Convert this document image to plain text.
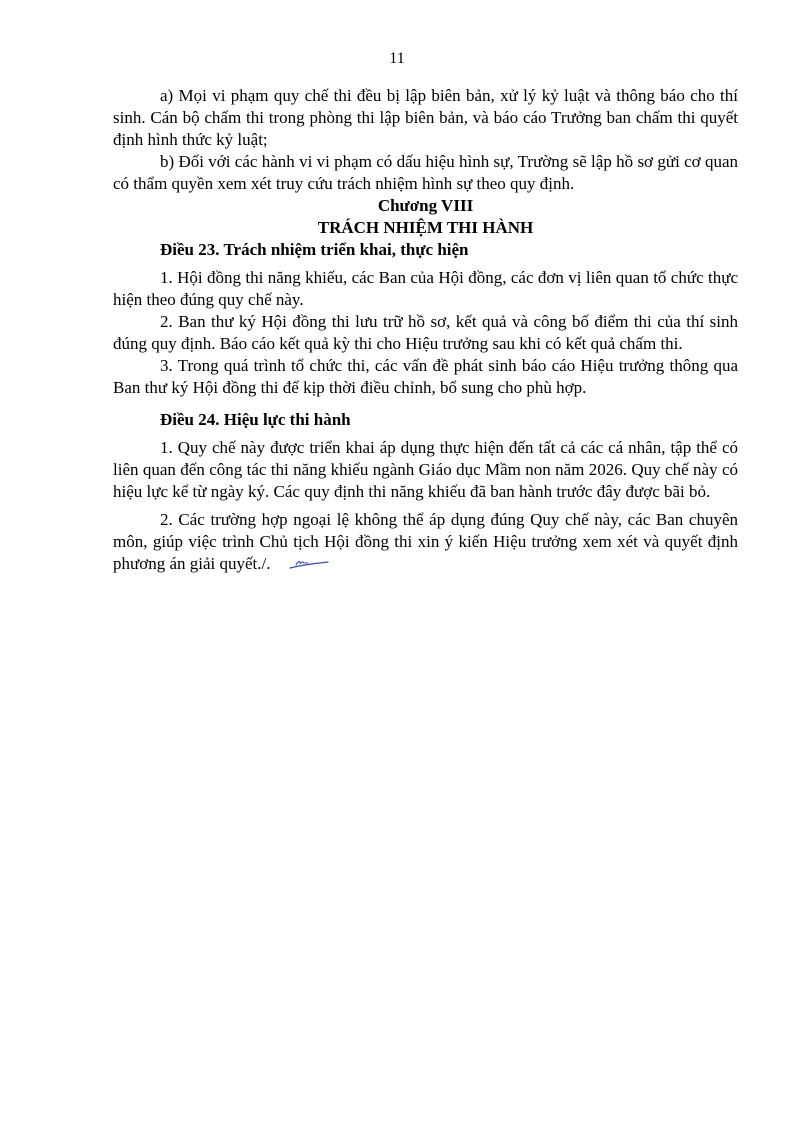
11

a) Mọi vi phạm quy chế thi đều bị lập biên bản, xử lý kỷ luật và thông báo cho thí sinh. Cán bộ chấm thi trong phòng thi lập biên bản, và báo cáo Trưởng ban chấm thi quyết định hình thức kỷ luật;

b) Đối với các hành vi vi phạm có dấu hiệu hình sự, Trường sẽ lập hồ sơ gửi cơ quan có thẩm quyền xem xét truy cứu trách nhiệm hình sự theo quy định.

Chương VIII

TRÁCH NHIỆM THI HÀNH

Điều 23. Trách nhiệm triển khai, thực hiện

1. Hội đồng thi năng khiếu, các Ban của Hội đồng, các đơn vị liên quan tổ chức thực hiện theo đúng quy chế này.

2. Ban thư ký Hội đồng thi lưu trữ hồ sơ, kết quả và công bố điểm thi của thí sinh đúng quy định. Báo cáo kết quả kỳ thi cho Hiệu trưởng sau khi có kết quả chấm thi.

3. Trong quá trình tổ chức thi, các vấn đề phát sinh báo cáo Hiệu trưởng thông qua Ban thư ký Hội đồng thi để kịp thời điều chỉnh, bổ sung cho phù hợp.

Điều 24. Hiệu lực thi hành

1. Quy chế này được triển khai áp dụng thực hiện đến tất cả các cá nhân, tập thể có liên quan đến công tác thi năng khiếu ngành Giáo dục Mầm non năm 2026. Quy chế này có hiệu lực kể từ ngày ký. Các quy định thi năng khiếu đã ban hành trước đây được bãi bỏ.

2. Các trường hợp ngoại lệ không thể áp dụng đúng Quy chế này, các Ban chuyên môn, giúp việc trình Chủ tịch Hội đồng thi xin ý kiến Hiệu trưởng xem xét và quyết định phương án giải quyết./.
